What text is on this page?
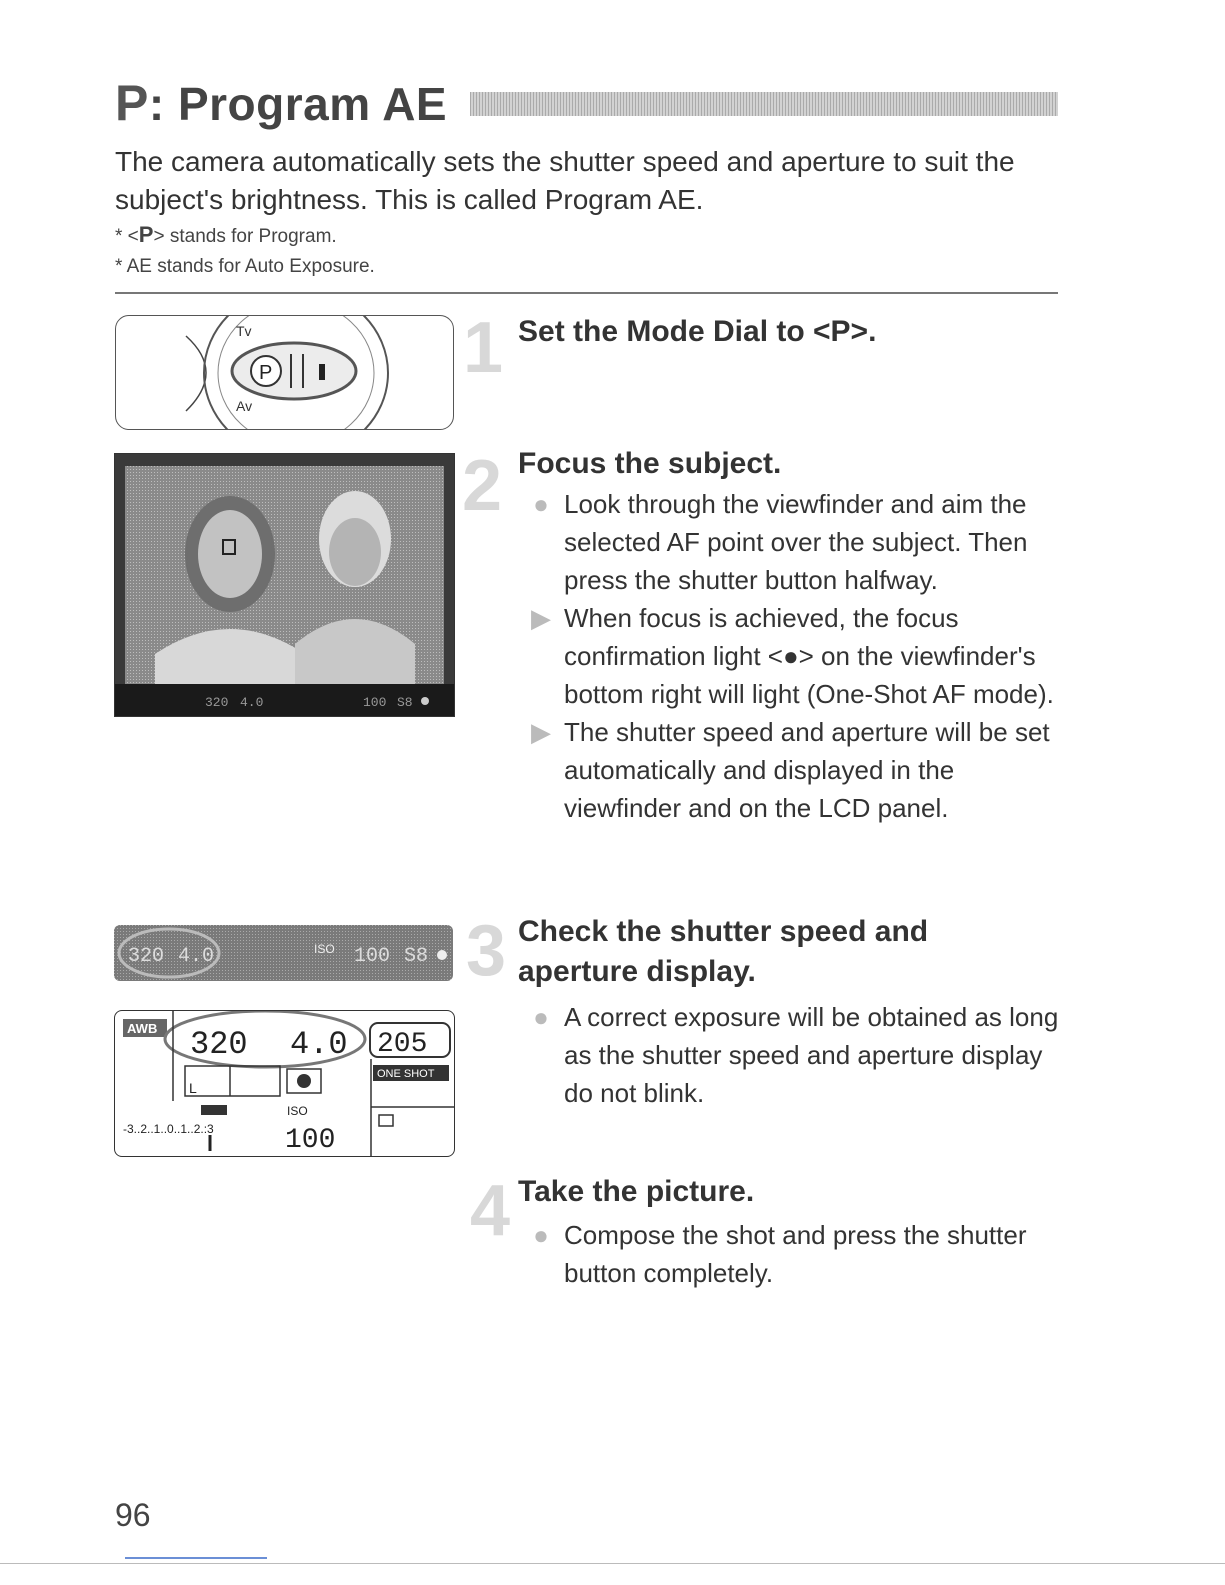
P: Program AE
The camera automatically sets the shutter speed and aperture to suit the subject's brightness. This is called Program AE.
* <P> stands for Program.
* AE stands for Auto Exposure.
P
Tv
Av
1 Set the Mode Dial to <P>.
320 4.0	100 S8
2 Focus the subject.
● Look through the viewfinder and aim the selected AF point over the subject. Then press the shutter button halfway.
▶ When focus is achieved, the focus confirmation light <●> on the viewfinder's bottom right will light (One-Shot AF mode).
▶ The shutter speed and aperture will be set automatically and displayed in the viewfinder and on the LCD panel.
320 4.0	ISO 100 S8 3 Check the shutter speed and aperture display.
● A correct exposure will be obtained as long as the shutter speed and aperture display do not blink.
AWB 320 4.0 205
ONE SHOT
L
ISO
100
-3..2..1..0..1..2.:3
4 Take the picture.
● Compose the shot and press the shutter button completely.
96
